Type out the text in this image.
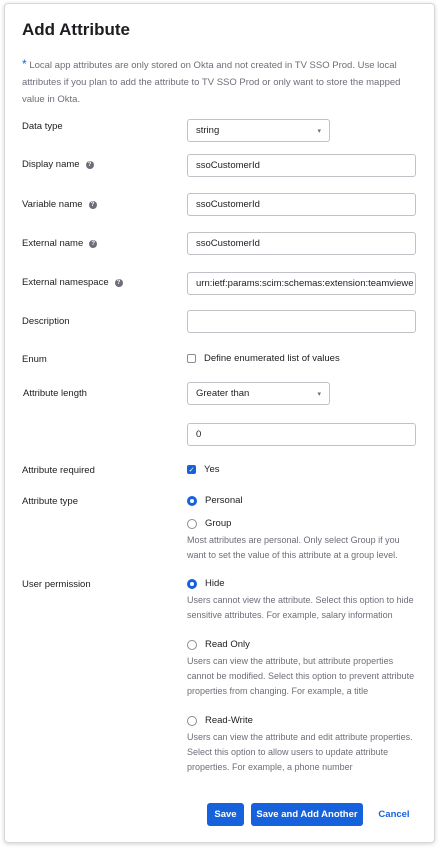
Add Attribute
* Local app attributes are only stored on Okta and not created in TV SSO Prod. Use local attributes if you plan to add the attribute to TV SSO Prod or only want to store the mapped value in Okta.
Data type	string	▾
Display name	?	ssoCustomerId
Variable name	?	ssoCustomerId
External name	?	ssoCustomerId
External namespace	?	urn:ietf:params:scim:schemas:extension:teamviewe
Description
Enum	Define enumerated list of values
Attribute length	Greater than	▾
0
Attribute required	✓ Yes
Attribute type	Personal
Group
Most attributes are personal. Only select Group if you want to set the value of this attribute at a group level.
User permission	Hide
Users cannot view the attribute. Select this option to hide sensitive attributes. For example, salary information
Read Only
Users can view the attribute, but attribute properties cannot be modified. Select this option to prevent attribute properties from changing. For example, a title
Read-Write
Users can view the attribute and edit attribute properties. Select this option to allow users to update attribute properties. For example, a phone number
Save	Save and Add Another	Cancel
